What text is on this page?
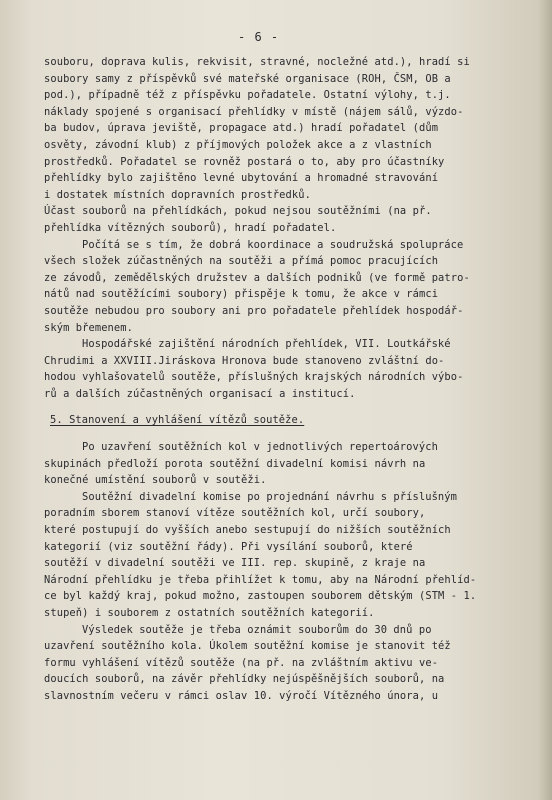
- 6 -
souboru, doprava kulis, rekvisit, stravné, nocležné atd.), hradí si
soubory samy z příspěvků své mateřské organisace (ROH, ČSM, OB a
pod.), případně též z příspěvku pořadatele. Ostatní výlohy, t.j.
náklady spojené s organisací přehlídky v místě (nájem sálů, výzdo-
ba budov, úprava jeviště, propagace atd.) hradí pořadatel (dům
osvěty, závodní klub) z příjmových položek akce a z vlastních
prostředků. Pořadatel se rovněž postará o to, aby pro účastníky
přehlídky bylo zajištěno levné ubytování a hromadné stravování
i dostatek místních dopravních prostředků.
Účast souborů na přehlídkách, pokud nejsou soutěžními (na př.
přehlídka vítězných souborů), hradí pořadatel.
Počítá se s tím, že dobrá koordinace a soudružská spolupráce
všech složek zúčastněných na soutěži a přímá pomoc pracujících
ze závodů, zemědělských družstev a dalších podniků (ve formě patro-
nátů nad soutěžícími soubory) přispěje k tomu, že akce v rámci
soutěže nebudou pro soubory ani pro pořadatele přehlídek hospodář-
ským břemenem.
Hospodářské zajištění národních přehlídek, VII. Loutkářské
Chrudimi a XXVIII.Jiráskova Hronova bude stanoveno zvláštní do-
hodou vyhlašovatelů soutěže, příslušných krajských národních výbo-
rů a dalších zúčastněných organisací a institucí.
5. Stanovení a vyhlášení vítězů soutěže.
Po uzavření soutěžních kol v jednotlivých repertoárových
skupinách předloží porota soutěžní divadelní komisi návrh na
konečné umístění souborů v soutěži.
Soutěžní divadelní komise po projednání návrhu s příslušným
poradním sborem stanoví vítěze soutěžních kol, určí soubory,
které postupují do vyšších anebo sestupují do nižších soutěžních
kategorií (viz soutěžní řády). Při vysílání souborů, které
soutěží v divadelní soutěži ve III. rep. skupině, z kraje na
Národní přehlídku je třeba přihlížet k tomu, aby na Národní přehlíd-
ce byl každý kraj, pokud možno, zastoupen souborem dětským (STM - 1.
stupeň) i souborem z ostatních soutěžních kategorií.
Výsledek soutěže je třeba oznámit souborům do 30 dnů po
uzavření soutěžního kola. Úkolem soutěžní komise je stanovit též
formu vyhlášení vítězů soutěže (na př. na zvláštním aktivu ve-
doucích souborů, na závěr přehlídky nejúspěšnějších souborů, na
slavnostním večeru v rámci oslav 10. výročí Vítězného února, u
